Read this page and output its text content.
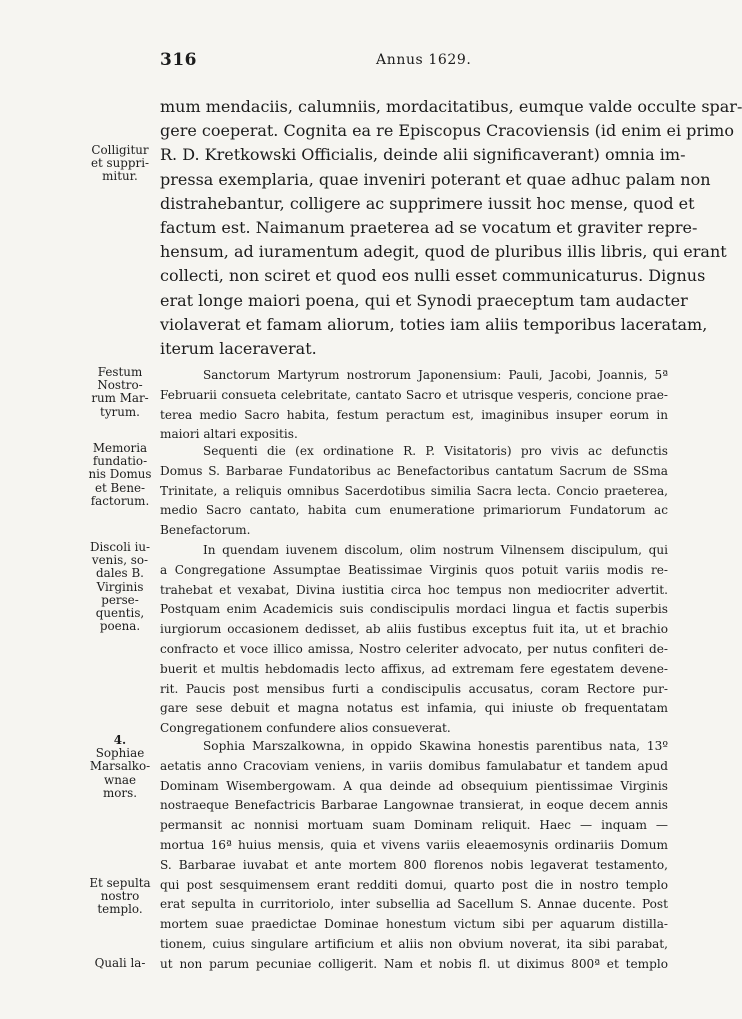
316	Annus 1629.
mum mendaciis, calumniis, mordacitatibus, eumque valde occulte spar-
gere coeperat. Cognita ea re Episcopus Cracoviensis (id enim ei primo
R. D. Kretkowski Officialis, deinde alii significaverant) omnia im-
pressa exemplaria, quae inveniri poterant et quae adhuc palam non
distrahebantur, colligere ac supprimere iussit hoc mense, quod et
factum est. Naimanum praeterea ad se vocatum et graviter repre-
hensum, ad iuramentum adegit, quod de pluribus illis libris, qui erant
collecti, non sciret et quod eos nulli esset communicaturus. Dignus
erat longe maiori poena, qui et Synodi praeceptum tam audacter
violaverat et famam aliorum, toties iam aliis temporibus laceratam,
iterum laceraverat.
Sanctorum Martyrum nostrorum Japonensium: Pauli, Jacobi, Joannis, 5ª
Februarii consueta celebritate, cantato Sacro et utrisque vesperis, concione prae-
terea medio Sacro habita, festum peractum est, imaginibus insuper eorum in
maiori altari expositis.
Sequenti die (ex ordinatione R. P. Visitatoris) pro vivis ac defunctis
Domus S. Barbarae Fundatoribus ac Benefactoribus cantatum Sacrum de SSma
Trinitate, a reliquis omnibus Sacerdotibus similia Sacra lecta. Concio praeterea,
medio Sacro cantato, habita cum enumeratione primariorum Fundatorum ac
Benefactorum.
In quendam iuvenem discolum, olim nostrum Vilnensem discipulum, qui
a Congregatione Assumptae Beatissimae Virginis quos potuit variis modis re-
trahebat et vexabat, Divina iustitia circa hoc tempus non mediocriter advertit.
Postquam enim Academicis suis condiscipulis mordaci lingua et factis superbis
iurgiorum occasionem dedisset, ab aliis fustibus exceptus fuit ita, ut et brachio
confracto et voce illico amissa, Nostro celeriter advocato, per nutus confiteri de-
buerit et multis hebdomadis lecto affixus, ad extremam fere egestatem devene-
rit. Paucis post mensibus furti a condiscipulis accusatus, coram Rectore pur-
gare sese debuit et magna notatus est infamia, qui iniuste ob frequentatam
Congregationem confundere alios consueverat.
Sophia Marszalkowna, in oppido Skawina honestis parentibus nata, 13º
aetatis anno Cracoviam veniens, in variis domibus famulabatur et tandem apud
Dominam Wisembergowam. A qua deinde ad obsequium pientissimae Virginis
nostraeque Benefactricis Barbarae Langownae transierat, in eoque decem annis
permansit ac nonnisi mortuam suam Dominam reliquit. Haec — inquam —
mortua 16ª huius mensis, quia et vivens variis eleaemosynis ordinariis Domum
S. Barbarae iuvabat et ante mortem 800 florenos nobis legaverat testamento,
qui post sesquimensem erant redditi domui, quarto post die in nostro templo
erat sepulta in curritoriolo, inter subsellia ad Sacellum S. Annae ducente. Post
mortem suae praedictae Dominae honestum victum sibi per aquarum distilla-
tionem, cuius singulare artificium et aliis non obvium noverat, ita sibi parabat,
ut non parum pecuniae colligerit. Nam et nobis fl. ut diximus 800ª et templo
Colligitur
et suppri-
mitur.
Festum
Nostro-
rum Mar-
tyrum.
Memoria
fundatio-
nis Domus
et Bene-
factorum.
Discoli iu-
venis, so-
dales B.
Virginis
perse-
quentis,
poena.
4.
Sophiae
Marsalko-
wnae
mors.
Et sepulta
nostro
templo.
Quali la-
